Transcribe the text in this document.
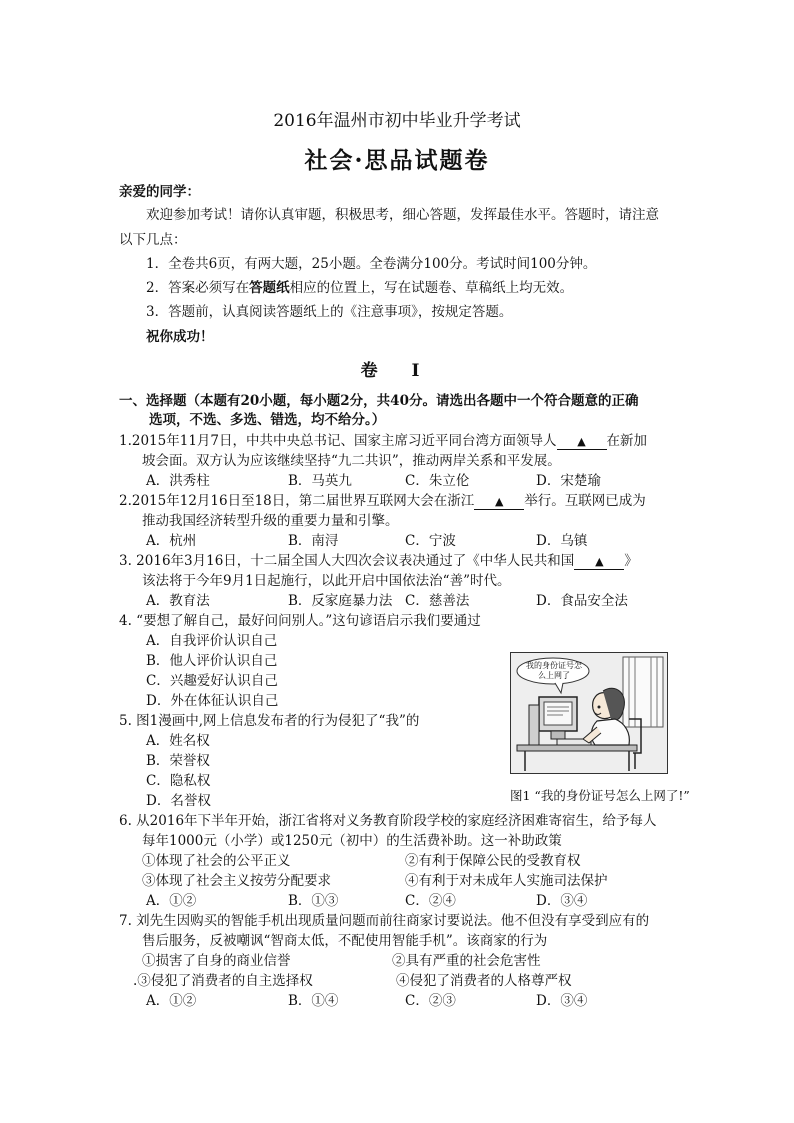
2016年温州市初中毕业升学考试
社会·思品试题卷
亲爱的同学：
欢迎参加考试！请你认真审题，积极思考，细心答题，发挥最佳水平。答题时，请注意
以下几点：
1．全卷共6页，有两大题，25小题。全卷满分100分。考试时间100分钟。
2．答案必须写在答题纸相应的位置上，写在试题卷、草稿纸上均无效。
3．答题前，认真阅读答题纸上的《注意事项》，按规定答题。
祝你成功！
卷 Ⅰ
一、选择题（本题有20小题，每小题2分，共40分。请选出各题中一个符合题意的正确
选项，不选、多选、错选，均不给分。）
1.2015年11月7日，中共中央总书记、国家主席习近平同台湾方面领导人 ▲ 在新加
坡会面。双方认为应该继续坚持“九二共识”，推动两岸关系和平发展。
A．洪秀柱	B．马英九	C．朱立伦	D．宋楚瑜
2.2015年12月16日至18日，第二届世界互联网大会在浙江 ▲ 举行。互联网已成为
推动我国经济转型升级的重要力量和引擎。
A．杭州	B．南浔	C．宁波	D．乌镇
3. 2016年3月16日，十二届全国人大四次会议表决通过了《中华人民共和国 ▲ 》
该法将于今年9月1日起施行，以此开启中国依法治“善”时代。
A．教育法	B．反家庭暴力法 C．慈善法	D．食品安全法
4. “要想了解自己，最好问问别人。”这句谚语启示我们要通过
A．自我评价认识自己
B．他人评价认识自己
C．兴趣爱好认识自己
D．外在体征认识自己
5. 图1漫画中,网上信息发布者的行为侵犯了“我”的
A．姓名权
B．荣誉权
C．隐私权
D．名誉权
我的身份证号怎么上网了
图1 “我的身份证号怎么上网了!”
6. 从2016年下半年开始，浙江省将对义务教育阶段学校的家庭经济困难寄宿生，给予每人
每年1000元（小学）或1250元（初中）的生活费补助。这一补助政策
①体现了社会的公平正义	②有利于保障公民的受教育权
③体现了社会主义按劳分配要求	④有利于对未成年人实施司法保护
A．①②	B．①③	C．②④	D．③④
7. 刘先生因购买的智能手机出现质量问题而前往商家讨要说法。他不但没有享受到应有的
售后服务，反被嘲讽“智商太低，不配使用智能手机”。该商家的行为
①损害了自身的商业信誉	②具有严重的社会危害性
.③侵犯了消费者的自主选择权	④侵犯了消费者的人格尊严权
A．①②	B．①④	C．②③	D．③④
